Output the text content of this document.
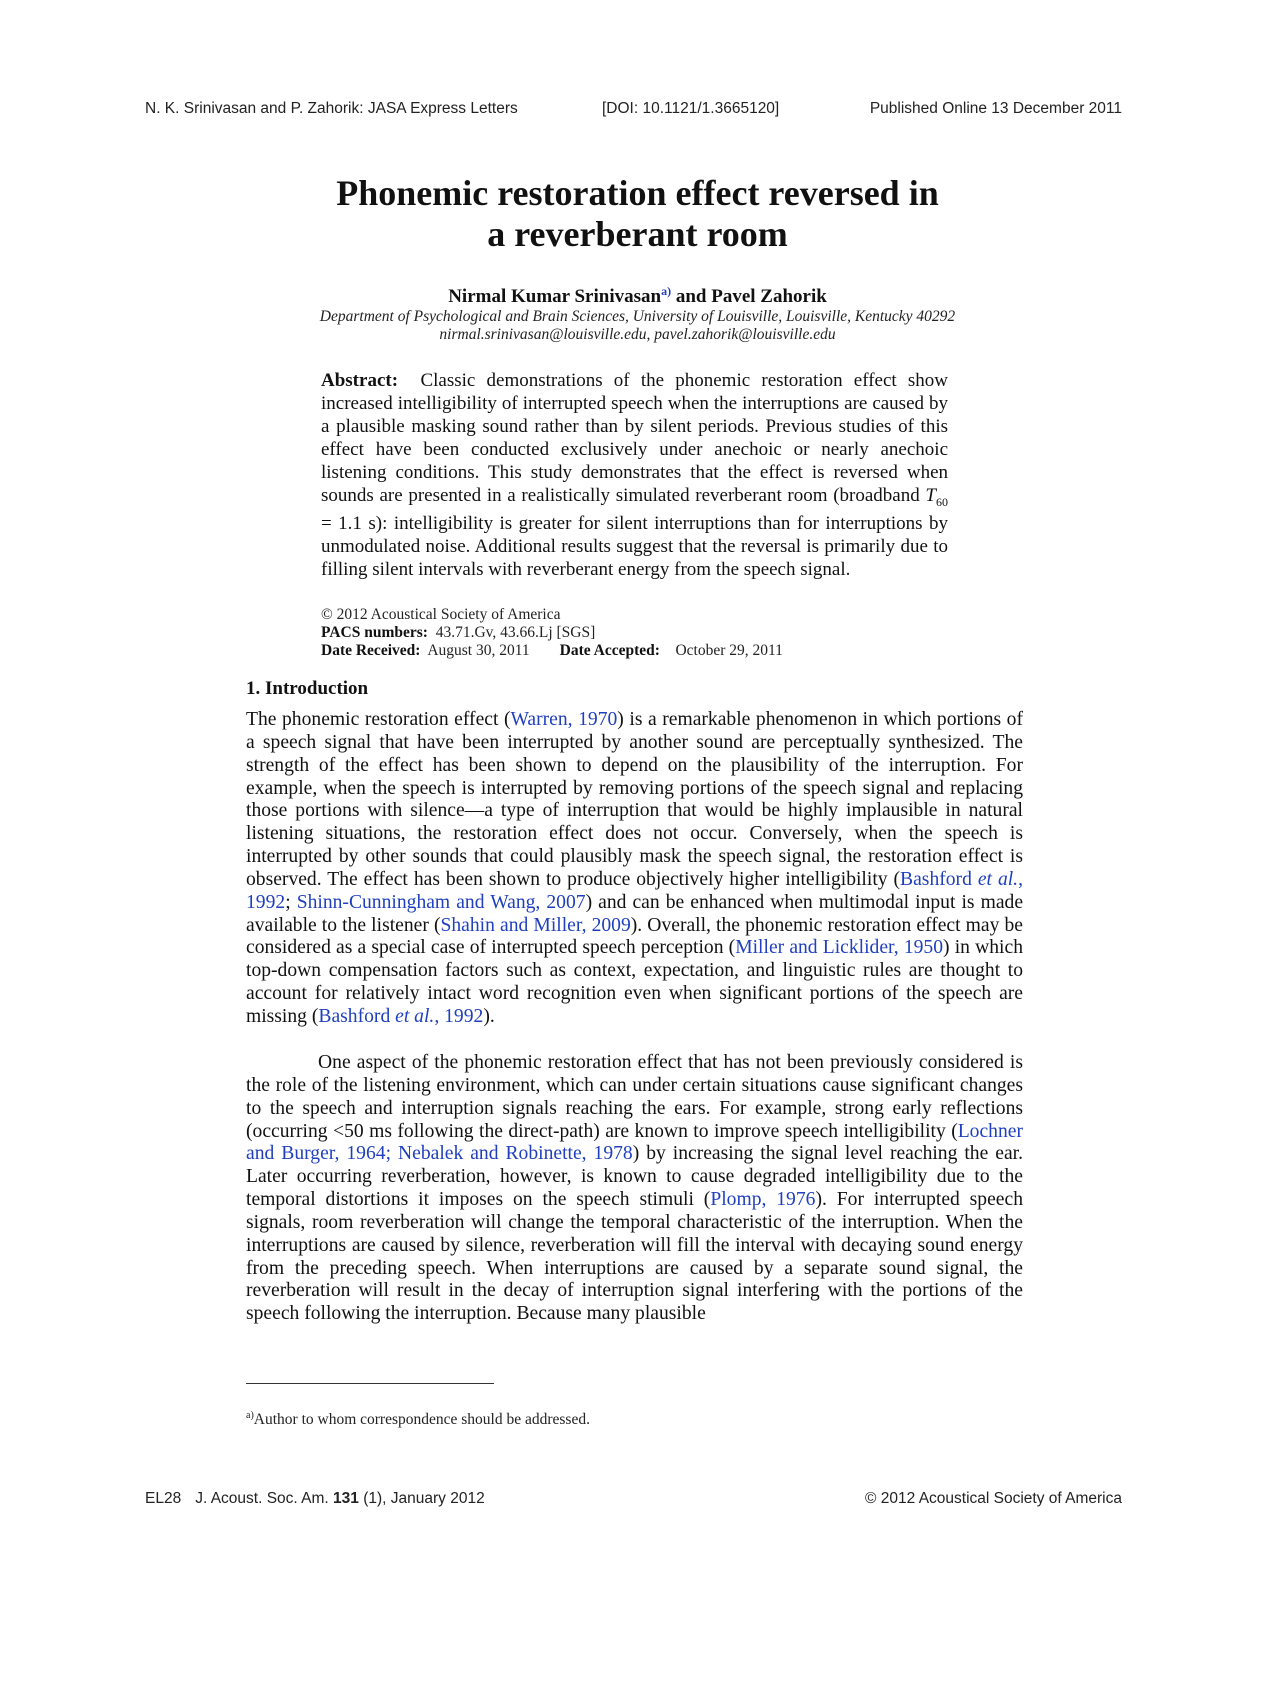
N. K. Srinivasan and P. Zahorik: JASA Express Letters	[DOI: 10.1121/1.3665120]	Published Online 13 December 2011
Phonemic restoration effect reversed in
a reverberant room
Nirmal Kumar Srinivasan$^{a)}$ and Pavel Zahorik
Department of Psychological and Brain Sciences, University of Louisville, Louisville, Kentucky 40292
nirmal.srinivasan@louisville.edu, pavel.zahorik@louisville.edu

Abstract: Classic demonstrations of the phonemic restoration effect show increased intelligibility of interrupted speech when the interruptions are caused by a plausible masking sound rather than by silent periods. Previous studies of this effect have been conducted exclusively under anechoic or nearly anechoic listening conditions. This study demonstrates that the effect is reversed when sounds are presented in a realistically simulated reverberant room (broadband $T_{60} = 1.1$ s): intelligibility is greater for silent interruptions than for interruptions by unmodulated noise. Additional results suggest that the reversal is primarily due to filling silent intervals with reverberant energy from the speech signal.

© 2012 Acoustical Society of America
PACS numbers: 43.71.Gv, 43.66.Lj [SGS]
Date Received: August 30, 2011 Date Accepted: October 29, 2011
1. Introduction

The phonemic restoration effect (Warren, 1970) is a remarkable phenomenon in which portions of a speech signal that have been interrupted by another sound are perceptually synthesized. The strength of the effect has been shown to depend on the plausibility of the interruption. For example, when the speech is interrupted by removing portions of the speech signal and replacing those portions with silence—a type of interruption that would be highly implausible in natural listening situations, the restoration effect does not occur. Conversely, when the speech is interrupted by other sounds that could plausibly mask the speech signal, the restoration effect is observed. The effect has been shown to produce objectively higher intelligibility (Bashford et al., 1992; Shinn-Cunningham and Wang, 2007) and can be enhanced when multimodal input is made available to the listener (Shahin and Miller, 2009). Overall, the phonemic restoration effect may be considered as a special case of interrupted speech perception (Miller and Licklider, 1950) in which top-down compensation factors such as context, expectation, and linguistic rules are thought to account for relatively intact word recognition even when significant portions of the speech are missing (Bashford et al., 1992).

One aspect of the phonemic restoration effect that has not been previously considered is the role of the listening environment, which can under certain situations cause significant changes to the speech and interruption signals reaching the ears. For example, strong early reflections (occurring <50 ms following the direct-path) are known to improve speech intelligibility (Lochner and Burger, 1964; Nebalek and Robinette, 1978) by increasing the signal level reaching the ear. Later occurring reverberation, however, is known to cause degraded intelligibility due to the temporal distortions it imposes on the speech stimuli (Plomp, 1976). For interrupted speech signals, room reverberation will change the temporal characteristic of the interruption. When the interruptions are caused by silence, reverberation will fill the interval with decaying sound energy from the preceding speech. When interruptions are caused by a separate sound signal, the reverberation will result in the decay of interruption signal interfering with the portions of the speech following the interruption. Because many plausible

$^{a)}$Author to whom correspondence should be addressed.
EL28 J. Acoust. Soc. Am. 131 (1), January 2012	© 2012 Acoustical Society of America
